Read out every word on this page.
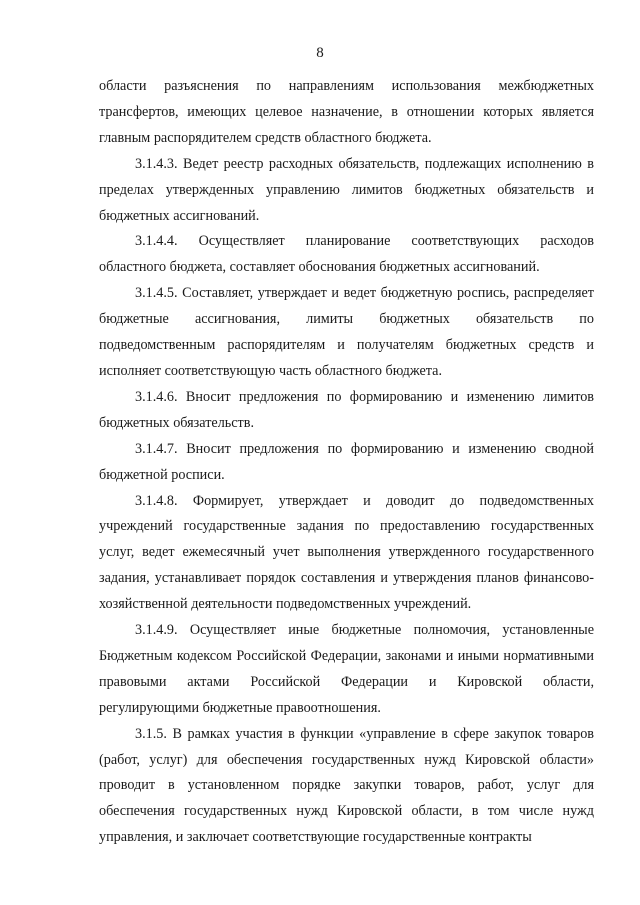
8

области разъяснения по направлениям использования межбюджетных трансфертов, имеющих целевое назначение, в отношении которых является главным распорядителем средств областного бюджета.

3.1.4.3. Ведет реестр расходных обязательств, подлежащих исполнению в пределах утвержденных управлению лимитов бюджетных обязательств и бюджетных ассигнований.

3.1.4.4. Осуществляет планирование соответствующих расходов областного бюджета, составляет обоснования бюджетных ассигнований.

3.1.4.5. Составляет, утверждает и ведет бюджетную роспись, распределяет бюджетные ассигнования, лимиты бюджетных обязательств по подведомственным распорядителям и получателям бюджетных средств и исполняет соответствующую часть областного бюджета.

3.1.4.6. Вносит предложения по формированию и изменению лимитов бюджетных обязательств.

3.1.4.7. Вносит предложения по формированию и изменению сводной бюджетной росписи.

3.1.4.8. Формирует, утверждает и доводит до подведомственных учреждений государственные задания по предоставлению государственных услуг, ведет ежемесячный учет выполнения утвержденного государственного задания, устанавливает порядок составления и утверждения планов финансово-хозяйственной деятельности подведомственных учреждений.

3.1.4.9. Осуществляет иные бюджетные полномочия, установленные Бюджетным кодексом Российской Федерации, законами и иными нормативными правовыми актами Российской Федерации и Кировской области, регулирующими бюджетные правоотношения.

3.1.5. В рамках участия в функции «управление в сфере закупок товаров (работ, услуг) для обеспечения государственных нужд Кировской области» проводит в установленном порядке закупки товаров, работ, услуг для обеспечения государственных нужд Кировской области, в том числе нужд управления, и заключает соответствующие государственные контракты
